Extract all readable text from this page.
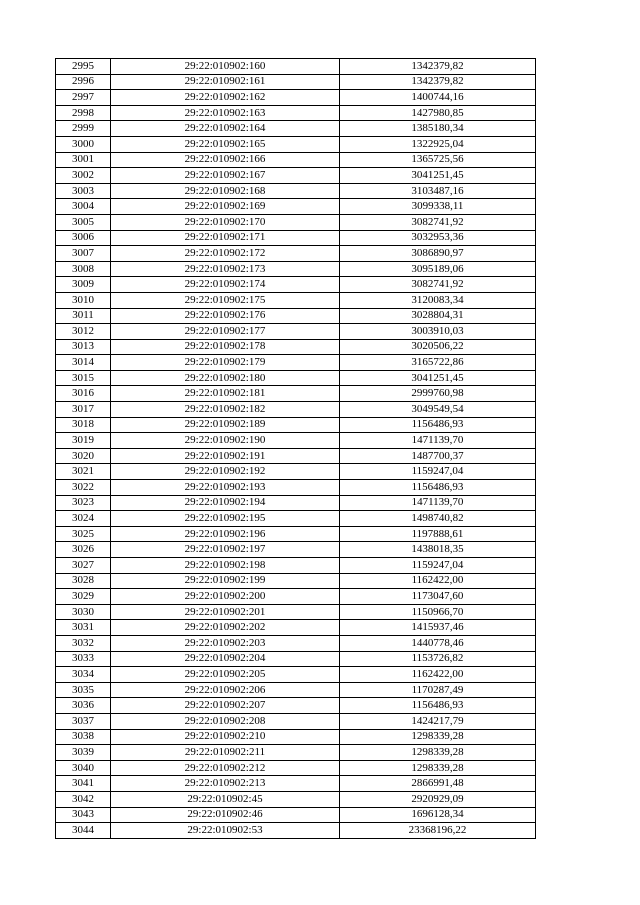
2995	29:22:010902:160	1342379,82
2996	29:22:010902:161	1342379,82
2997	29:22:010902:162	1400744,16
2998	29:22:010902:163	1427980,85
2999	29:22:010902:164	1385180,34
3000	29:22:010902:165	1322925,04
3001	29:22:010902:166	1365725,56
3002	29:22:010902:167	3041251,45
3003	29:22:010902:168	3103487,16
3004	29:22:010902:169	3099338,11
3005	29:22:010902:170	3082741,92
3006	29:22:010902:171	3032953,36
3007	29:22:010902:172	3086890,97
3008	29:22:010902:173	3095189,06
3009	29:22:010902:174	3082741,92
3010	29:22:010902:175	3120083,34
3011	29:22:010902:176	3028804,31
3012	29:22:010902:177	3003910,03
3013	29:22:010902:178	3020506,22
3014	29:22:010902:179	3165722,86
3015	29:22:010902:180	3041251,45
3016	29:22:010902:181	2999760,98
3017	29:22:010902:182	3049549,54
3018	29:22:010902:189	1156486,93
3019	29:22:010902:190	1471139,70
3020	29:22:010902:191	1487700,37
3021	29:22:010902:192	1159247,04
3022	29:22:010902:193	1156486,93
3023	29:22:010902:194	1471139,70
3024	29:22:010902:195	1498740,82
3025	29:22:010902:196	1197888,61
3026	29:22:010902:197	1438018,35
3027	29:22:010902:198	1159247,04
3028	29:22:010902:199	1162422,00
3029	29:22:010902:200	1173047,60
3030	29:22:010902:201	1150966,70
3031	29:22:010902:202	1415937,46
3032	29:22:010902:203	1440778,46
3033	29:22:010902:204	1153726,82
3034	29:22:010902:205	1162422,00
3035	29:22:010902:206	1170287,49
3036	29:22:010902:207	1156486,93
3037	29:22:010902:208	1424217,79
3038	29:22:010902:210	1298339,28
3039	29:22:010902:211	1298339,28
3040	29:22:010902:212	1298339,28
3041	29:22:010902:213	2866991,48
3042	29:22:010902:45	2920929,09
3043	29:22:010902:46	1696128,34
3044	29:22:010902:53	23368196,22
